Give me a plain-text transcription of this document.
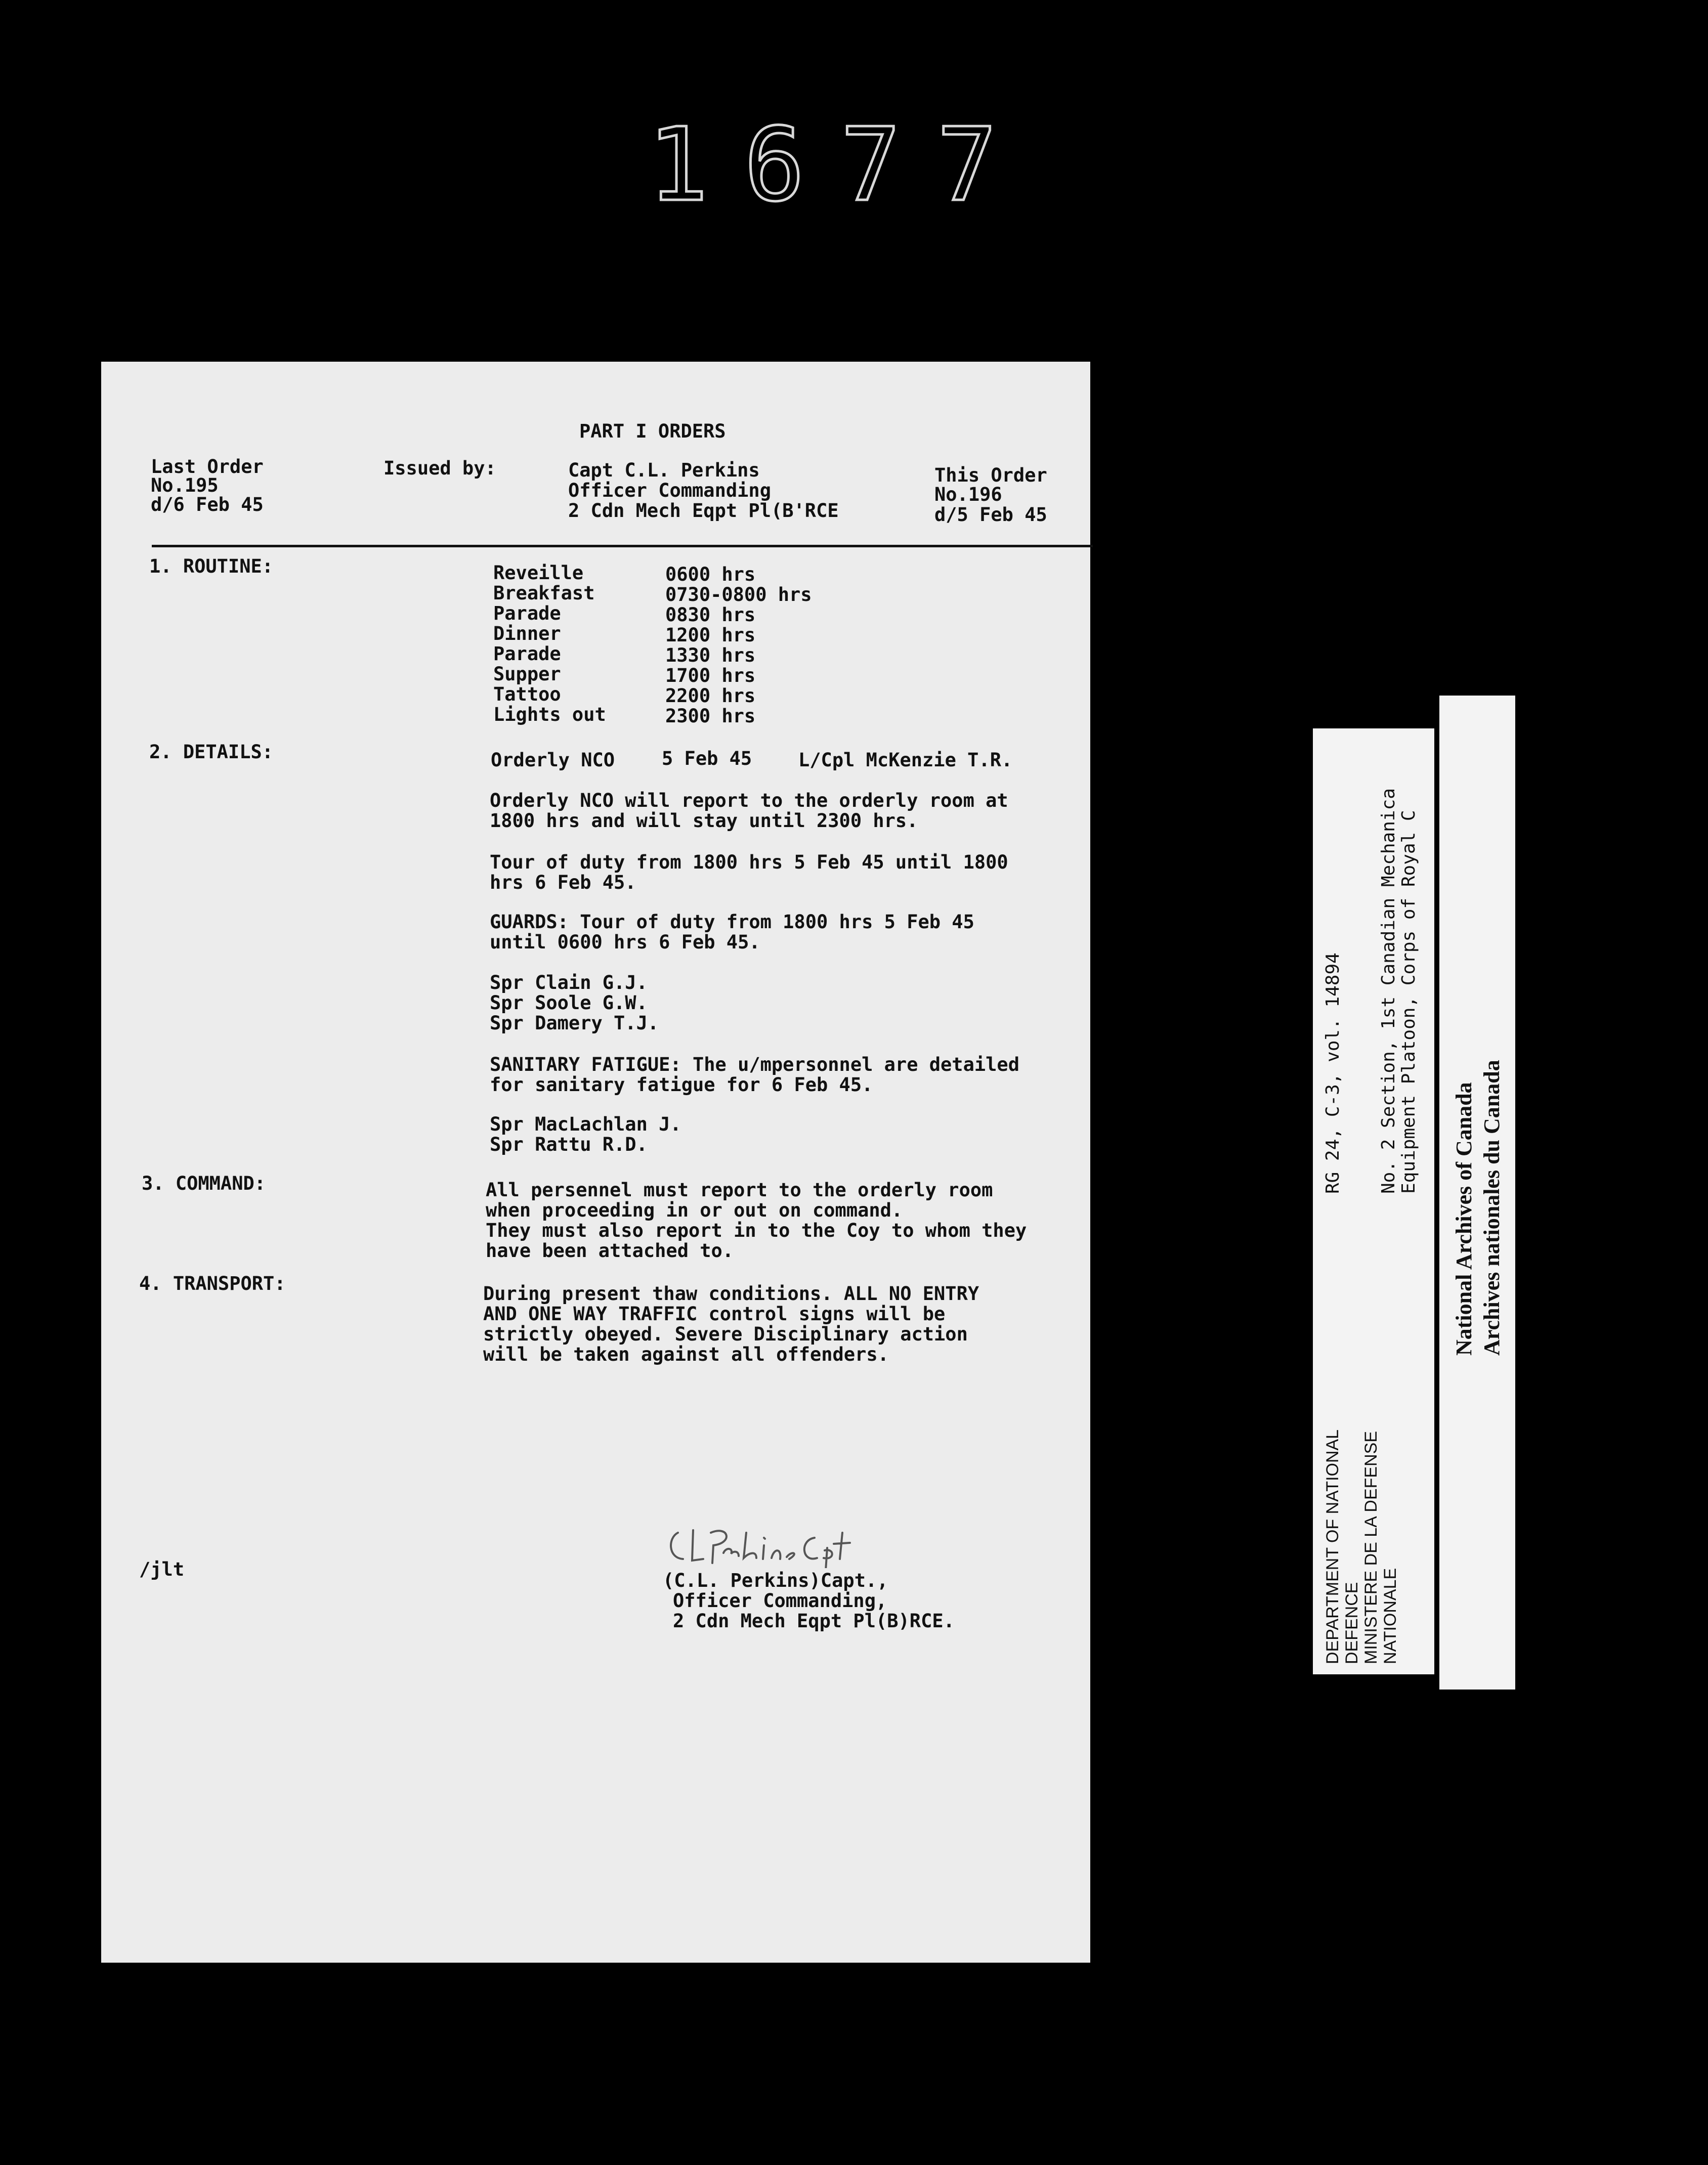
1677
PART I ORDERS
Last Order
No.195
d/6 Feb 45
Issued by:	Capt C.L. Perkins
Officer Commanding
2 Cdn Mech Eqpt Pl(B'RCE
This Order
No.196
d/5 Feb 45
1. ROUTINE:	Reveille	0600 hrs
Breakfast	0730-0800 hrs
Parade	0830 hrs
Dinner	1200 hrs
Parade	1330 hrs
Supper	1700 hrs
Tattoo	2200 hrs
Lights out	2300 hrs
2. DETAILS:	Orderly NCO	5 Feb 45 L/Cpl McKenzie T.R.
Orderly NCO will report to the orderly room at
1800 hrs and will stay until 2300 hrs.
Tour of duty from 1800 hrs 5 Feb 45 until 1800
hrs 6 Feb 45.
GUARDS: Tour of duty from 1800 hrs 5 Feb 45
until 0600 hrs 6 Feb 45.
Spr Clain G.J.
Spr Soole G.W.
Spr Damery T.J.
SANITARY FATIGUE: The u/mpersonnel are detailed
for sanitary fatigue for 6 Feb 45.
Spr MacLachlan J.
Spr Rattu R.D.
3. COMMAND:	All persennel must report to the orderly room
when proceeding in or out on command.
They must also report in to the Coy to whom they
have been attached to.
4. TRANSPORT:	During present thaw conditions. ALL NO ENTRY
AND ONE WAY TRAFFIC control signs will be
strictly obeyed. Severe Disciplinary action
will be taken against all offenders.
/jlt
(C.L. Perkins)Capt.,
Officer Commanding,
2 Cdn Mech Eqpt Pl(B)RCE.	DEPARTMENT OF NATIONAL DEFENCE MINISTERE DE LA DEFENSE NATIONALE
RG 24, C-3, vol. 14894 No. 2 Section, 1st Canadian Mechanica Equipment Platoon, Corps of Royal C
National Archives of Canada Archives nationales du Canada
